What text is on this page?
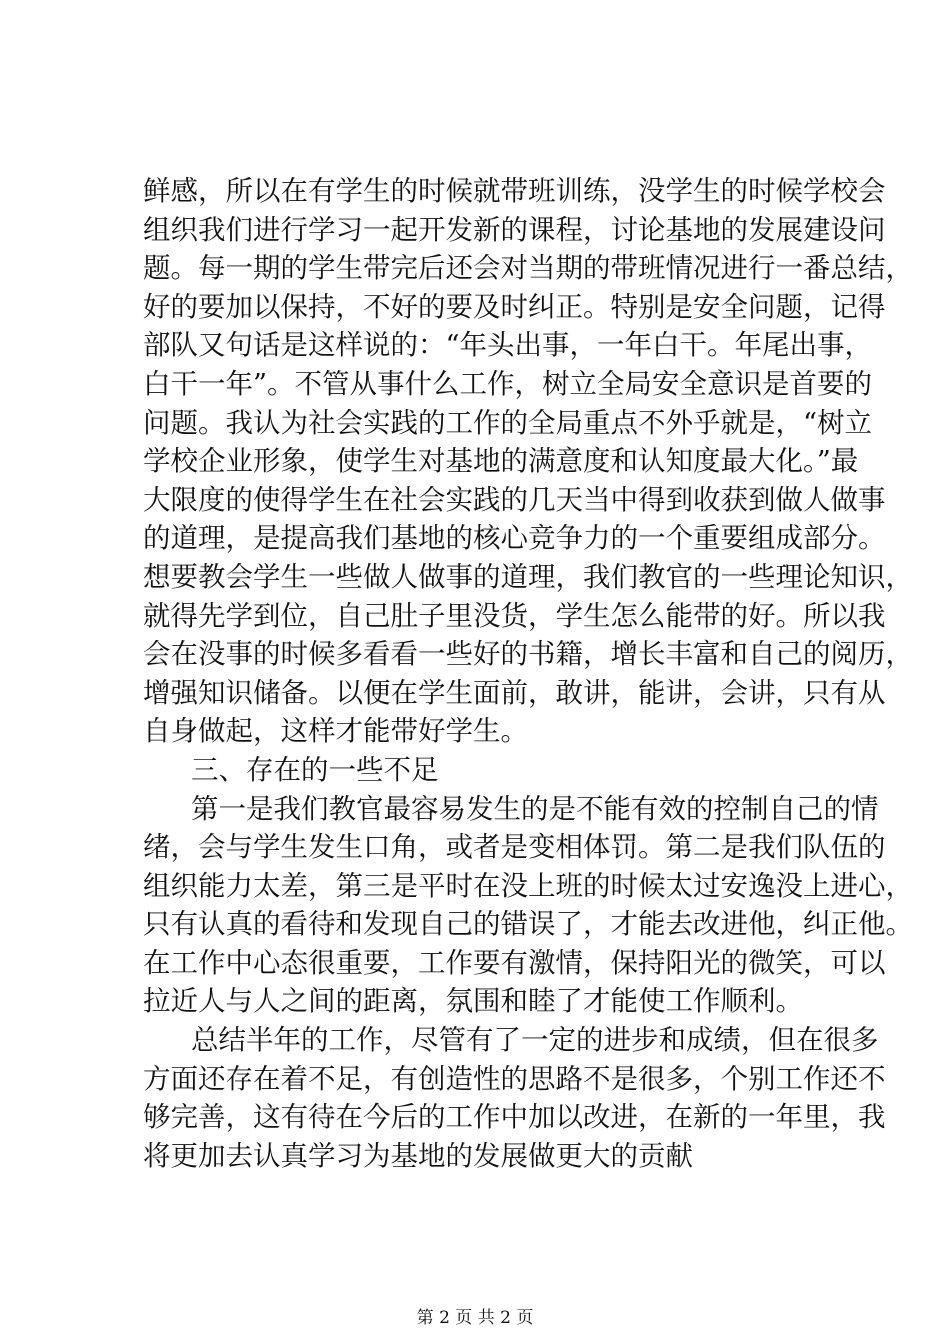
鲜感，所以在有学生的时候就带班训练，没学生的时候学校会
组织我们进行学习一起开发新的课程，讨论基地的发展建设问
题。每一期的学生带完后还会对当期的带班情况进行一番总结，
好的要加以保持，不好的要及时纠正。特别是安全问题，记得
部队又句话是这样说的：“年头出事，一年白干。年尾出事，
白干一年”。不管从事什么工作，树立全局安全意识是首要的
问题。我认为社会实践的工作的全局重点不外乎就是，“树立
学校企业形象，使学生对基地的满意度和认知度最大化。”最
大限度的使得学生在社会实践的几天当中得到收获到做人做事
的道理，是提高我们基地的核心竞争力的一个重要组成部分。
想要教会学生一些做人做事的道理，我们教官的一些理论知识，
就得先学到位，自己肚子里没货，学生怎么能带的好。所以我
会在没事的时候多看看一些好的书籍，增长丰富和自己的阅历，
增强知识储备。以便在学生面前，敢讲，能讲，会讲，只有从
自身做起，这样才能带好学生。
三、存在的一些不足
第一是我们教官最容易发生的是不能有效的控制自己的情
绪，会与学生发生口角，或者是变相体罚。第二是我们队伍的
组织能力太差，第三是平时在没上班的时候太过安逸没上进心，
只有认真的看待和发现自己的错误了，才能去改进他，纠正他。
在工作中心态很重要，工作要有激情，保持阳光的微笑，可以
拉近人与人之间的距离，氛围和睦了才能使工作顺利。
总结半年的工作，尽管有了一定的进步和成绩，但在很多
方面还存在着不足，有创造性的思路不是很多，个别工作还不
够完善，这有待在今后的工作中加以改进，在新的一年里，我
将更加去认真学习为基地的发展做更大的贡献
第 2 页 共 2 页
